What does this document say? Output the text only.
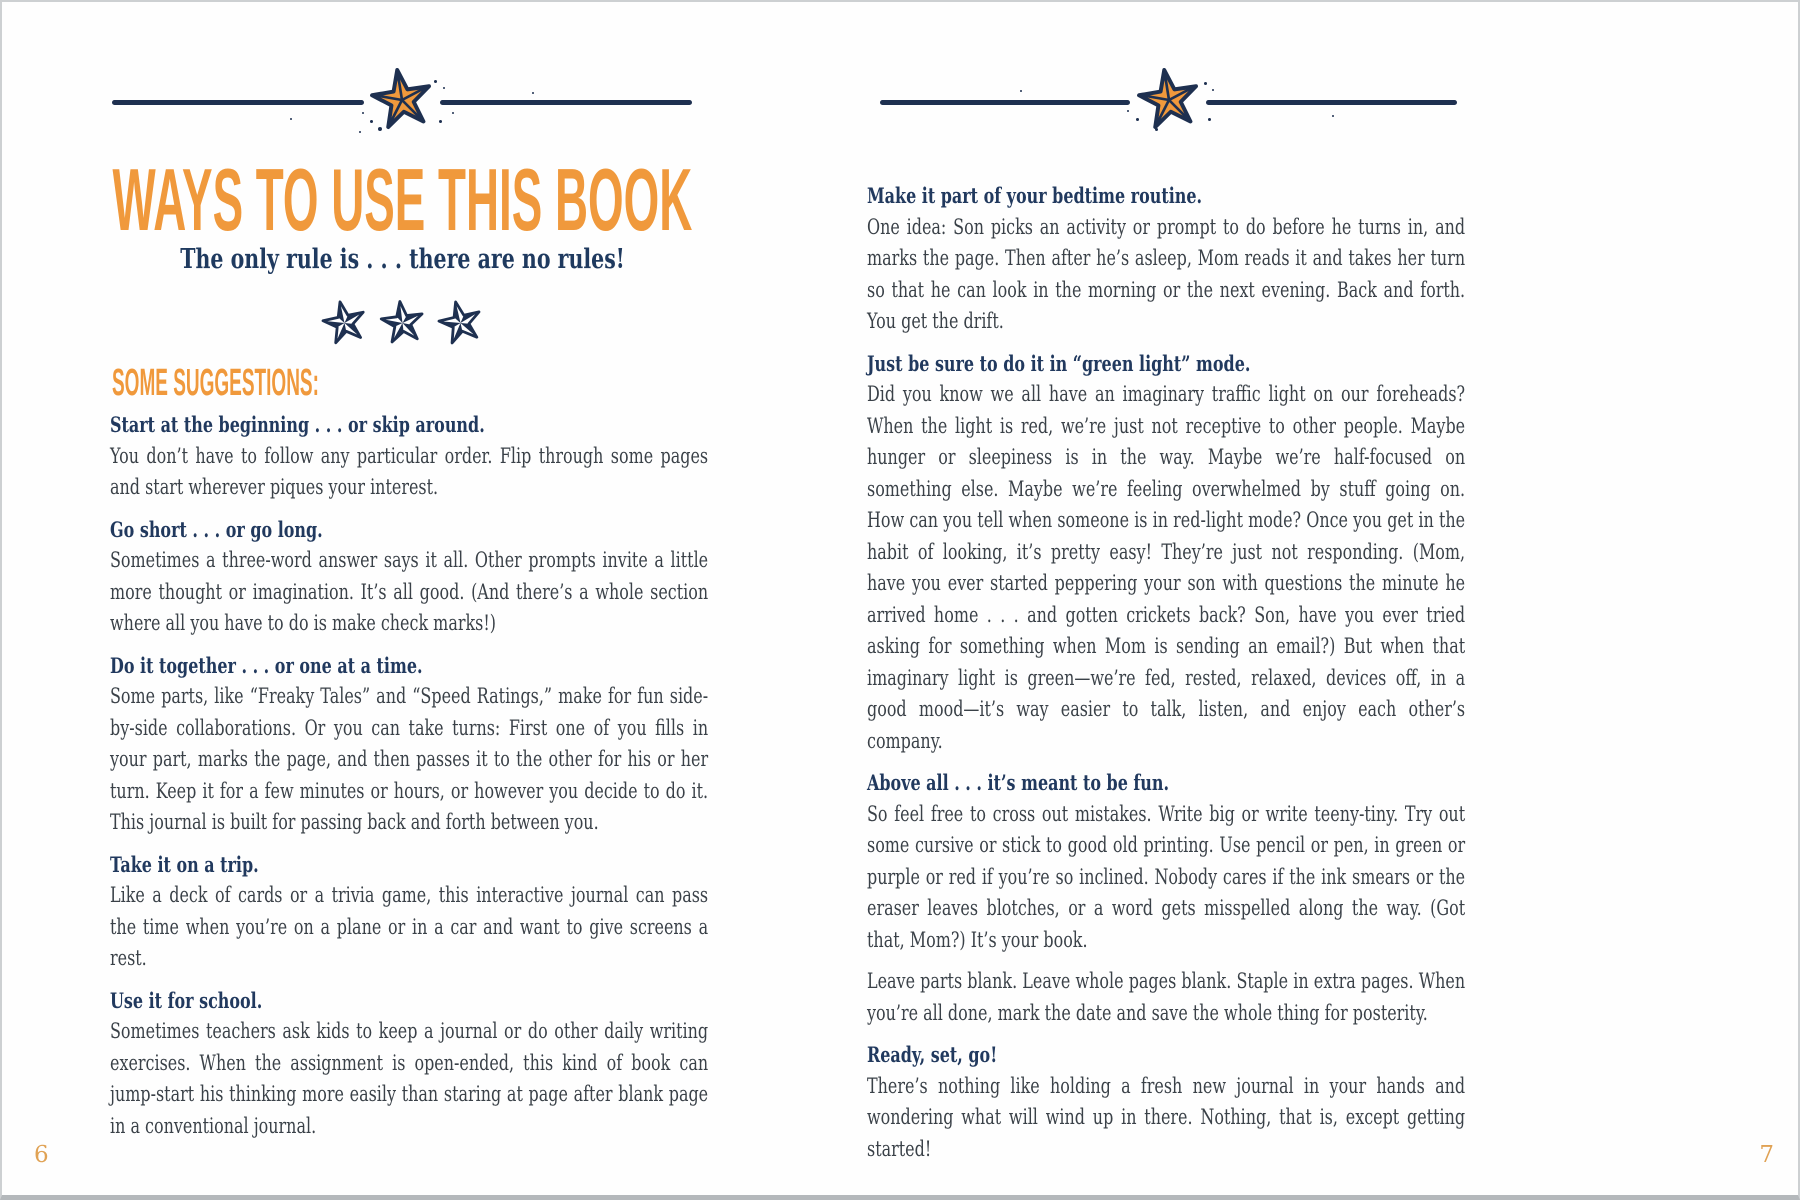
WAYS TO USE THIS BOOK
The only rule is . . . there are no rules!
SOME SUGGESTIONS:
Start at the beginning . . . or skip around.

You don’t have to follow any particular order. Flip through some pages and start wherever piques your interest.

Go short . . . or go long.

Sometimes a three-word answer says it all. Other prompts invite a little more thought or imagination. It’s all good. (And there’s a whole section where all you have to do is make check marks!)

Do it together . . . or one at a time.

Some parts, like “Freaky Tales” and “Speed Ratings,” make for fun side-by-side collaborations. Or you can take turns: First one of you fills in your part, marks the page, and then passes it to the other for his or her turn. Keep it for a few minutes or hours, or however you decide to do it. This journal is built for passing back and forth between you.

Take it on a trip.

Like a deck of cards or a trivia game, this interactive journal can pass the time when you’re on a plane or in a car and want to give screens a rest.

Use it for school.

Sometimes teachers ask kids to keep a journal or do other daily writing exercises. When the assignment is open-ended, this kind of book can jump-start his thinking more easily than staring at page after blank page in a conventional journal.

6
Make it part of your bedtime routine.

One idea: Son picks an activity or prompt to do before he turns in, and marks the page. Then after he’s asleep, Mom reads it and takes her turn so that he can look in the morning or the next evening. Back and forth. You get the drift.

Just be sure to do it in “green light” mode.

Did you know we all have an imaginary traffic light on our foreheads? When the light is red, we’re just not receptive to other people. Maybe hunger or sleepiness is in the way. Maybe we’re half-focused on something else. Maybe we’re feeling overwhelmed by stuff going on. How can you tell when someone is in red-light mode? Once you get in the habit of looking, it’s pretty easy! They’re just not responding. (Mom, have you ever started peppering your son with questions the minute he arrived home . . . and gotten crickets back? Son, have you ever tried asking for something when Mom is sending an email?) But when that imaginary light is green—we’re fed, rested, relaxed, devices off, in a good mood—it’s way easier to talk, listen, and enjoy each other’s company.

Above all . . . it’s meant to be fun.

So feel free to cross out mistakes. Write big or write teeny-tiny. Try out some cursive or stick to good old printing. Use pencil or pen, in green or purple or red if you’re so inclined. Nobody cares if the ink smears or the eraser leaves blotches, or a word gets misspelled along the way. (Got that, Mom?) It’s your book.

Leave parts blank. Leave whole pages blank. Staple in extra pages. When you’re all done, mark the date and save the whole thing for posterity.

Ready, set, go!

There’s nothing like holding a fresh new journal in your hands and wondering what will wind up in there. Nothing, that is, except getting started!	7
